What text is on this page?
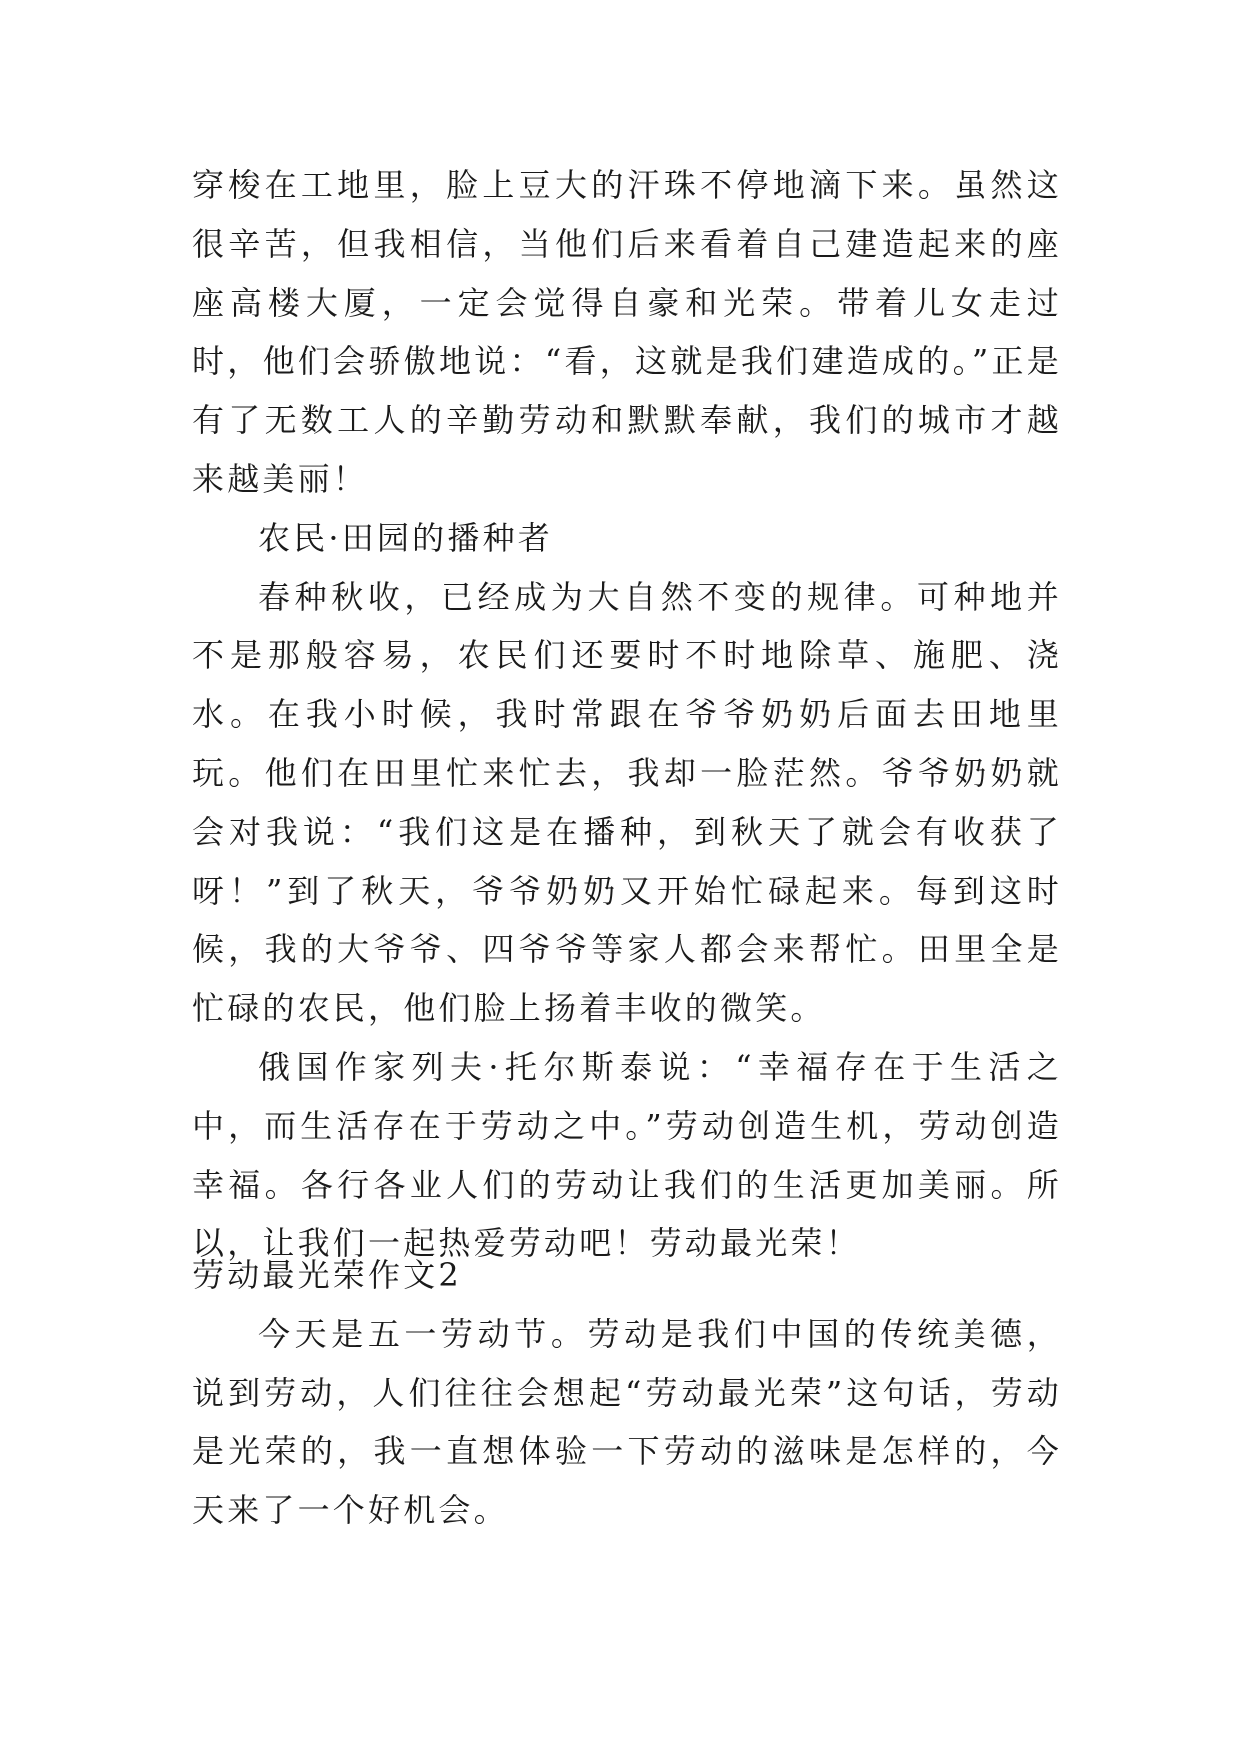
穿梭在工地里，脸上豆大的汗珠不停地滴下来。虽然这很辛苦，但我相信，当他们后来看着自己建造起来的座座高楼大厦，一定会觉得自豪和光荣。带着儿女走过时，他们会骄傲地说：“看，这就是我们建造成的。”正是有了无数工人的辛勤劳动和默默奉献，我们的城市才越来越美丽！

农民·田园的播种者

春种秋收，已经成为大自然不变的规律。可种地并不是那般容易，农民们还要时不时地除草、施肥、浇水。在我小时候，我时常跟在爷爷奶奶后面去田地里玩。他们在田里忙来忙去，我却一脸茫然。爷爷奶奶就会对我说：“我们这是在播种，到秋天了就会有收获了呀！”到了秋天，爷爷奶奶又开始忙碌起来。每到这时候，我的大爷爷、四爷爷等家人都会来帮忙。田里全是忙碌的农民，他们脸上扬着丰收的微笑。

俄国作家列夫·托尔斯泰说：“幸福存在于生活之中，而生活存在于劳动之中。”劳动创造生机，劳动创造幸福。各行各业人们的劳动让我们的生活更加美丽。所以，让我们一起热爱劳动吧！劳动最光荣！

劳动最光荣作文2

今天是五一劳动节。劳动是我们中国的传统美德，说到劳动，人们往往会想起“劳动最光荣”这句话，劳动是光荣的，我一直想体验一下劳动的滋味是怎样的，今天来了一个好机会。
